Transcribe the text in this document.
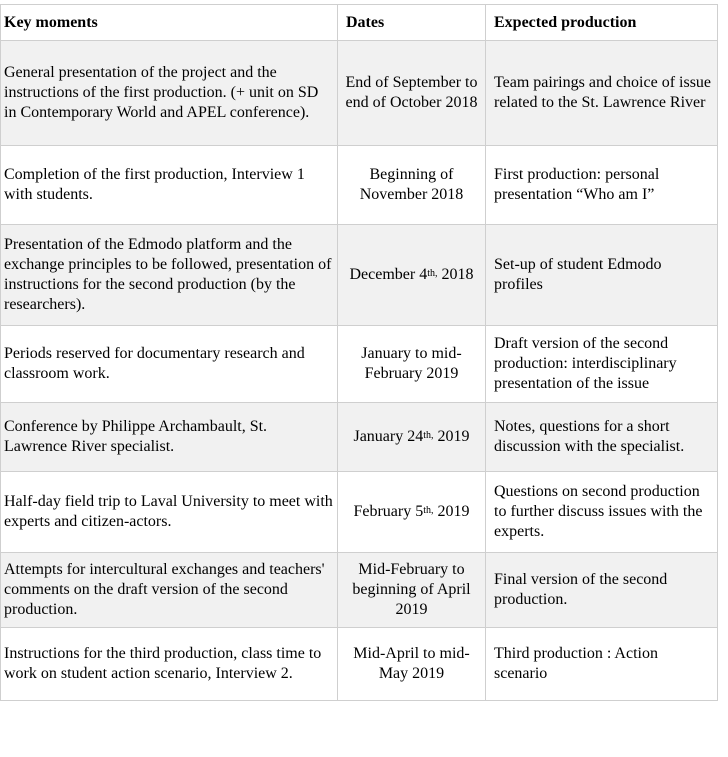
Key moments	Dates	Expected production
General presentation of the project and the instructions of the first production. (+ unit on SD in Contemporary World and APEL conference).	End of September to end of October 2018	Team pairings and choice of issue related to the St. Lawrence River
Completion of the first production, Interview 1 with students.	Beginning of November 2018	First production: personal presentation “Who am I”
Presentation of the Edmodo platform and the exchange principles to be followed, presentation of instructions for the second production (by the researchers).	December $4^{th,}$ 2018	Set-up of student Edmodo profiles
Periods reserved for documentary research and classroom work.	January to mid-February 2019	Draft version of the second production: interdisciplinary presentation of the issue
Conference by Philippe Archambault, St. Lawrence River specialist.	January $24^{th,}$ 2019	Notes, questions for a short discussion with the specialist.
Half-day field trip to Laval University to meet with experts and citizen-actors.	February $5^{th,}$ 2019	Questions on second production to further discuss issues with the experts.
Attempts for intercultural exchanges and teachers' comments on the draft version of the second production.	Mid-February to beginning of April 2019	Final version of the second production.
Instructions for the third production, class time to work on student action scenario, Interview 2.	Mid-April to mid-May 2019	Third production : Action scenario
